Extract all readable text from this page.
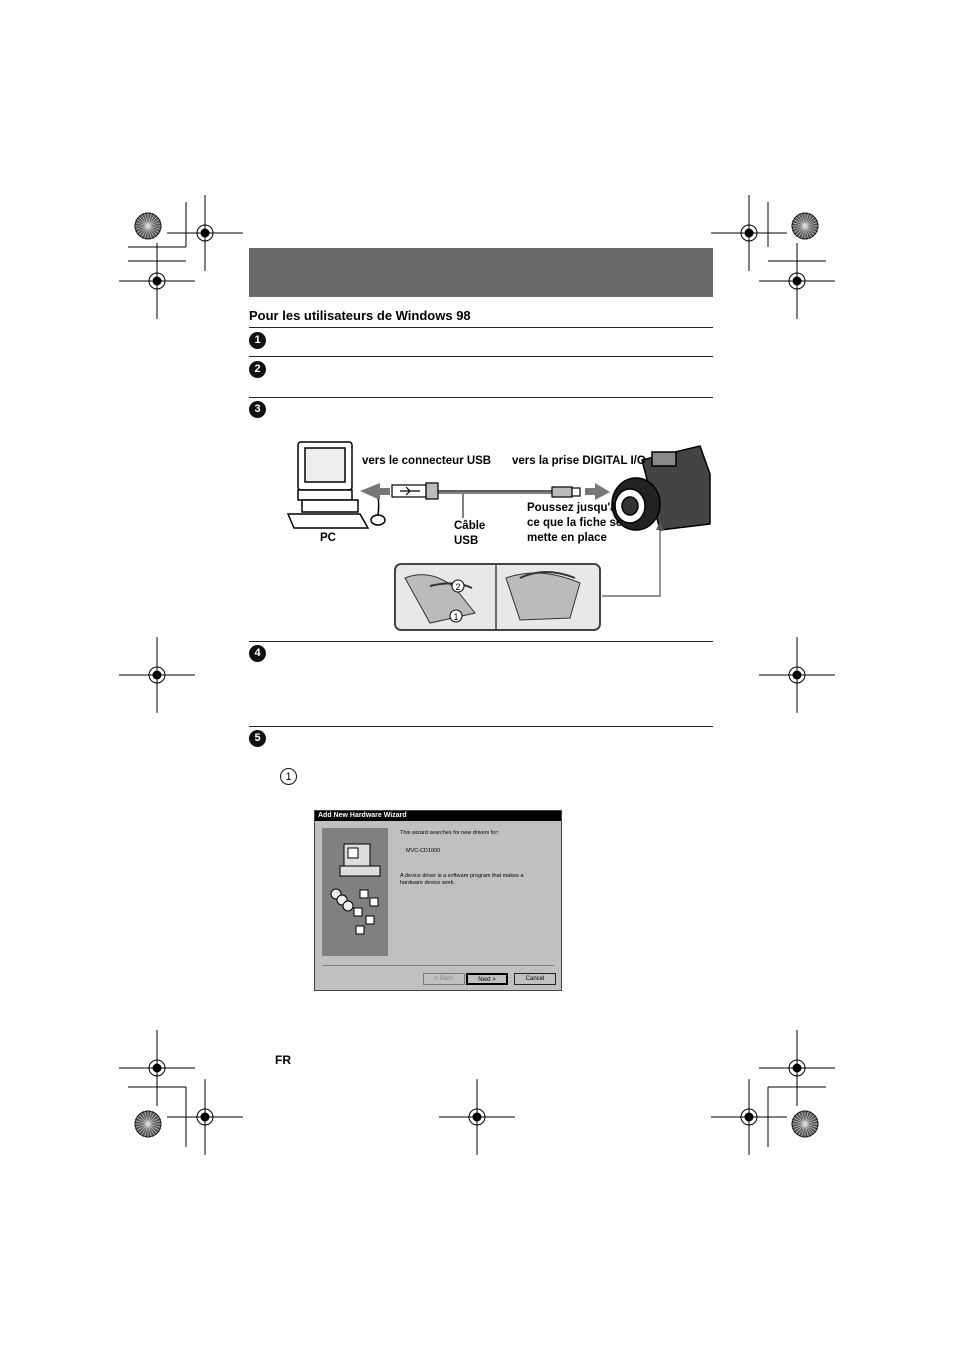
Pour les utilisateurs de Windows 98
1
2
3
2
1
vers le connecteur USB vers la prise DIGITAL I/O
Câble
USB
Poussez jusqu'à
ce que la fiche se
mette en place
PC
4
5
1
Add New Hardware Wizard
This wizard searches for new drivers for:
MVC-CD1000
A device driver is a software program that makes a
hardware device work.
< Back	Next >	Cancel
FR
